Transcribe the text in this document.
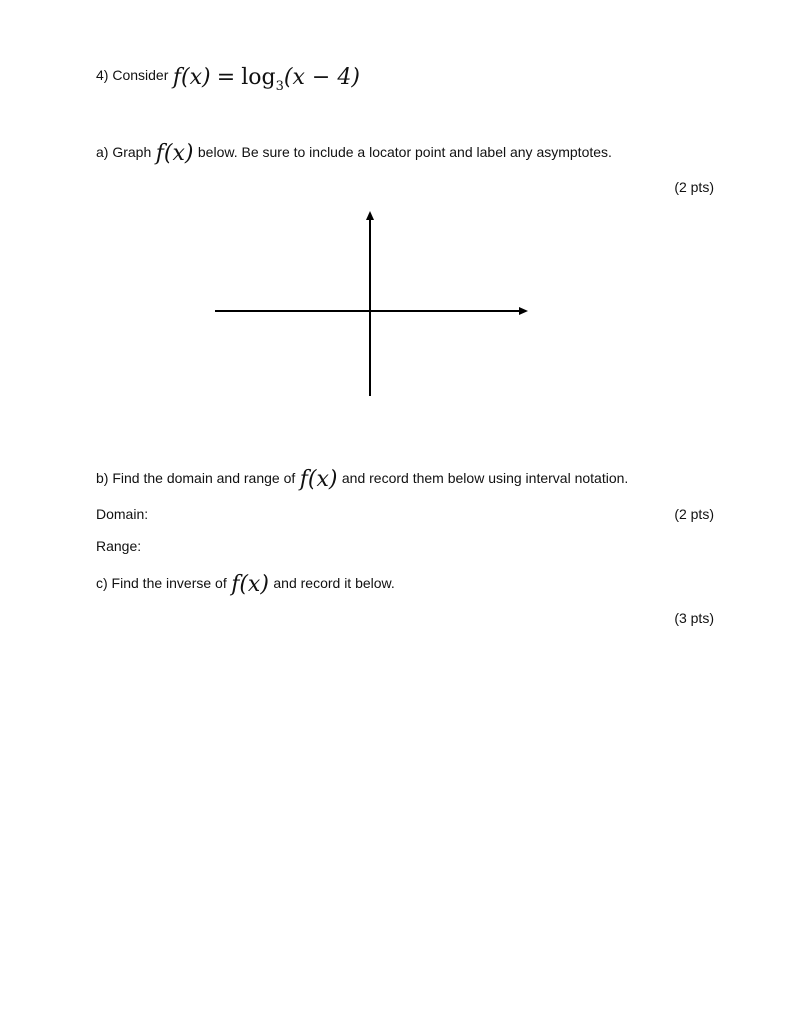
4) Consider $f(x) = \log_3(x - 4)$
a) Graph f(x) below. Be sure to include a locator point and label any asymptotes.
(2 pts)
b) Find the domain and range of f(x) and record them below using interval notation.
Domain:	(2 pts)
Range:
c) Find the inverse of f(x) and record it below.
(3 pts)
